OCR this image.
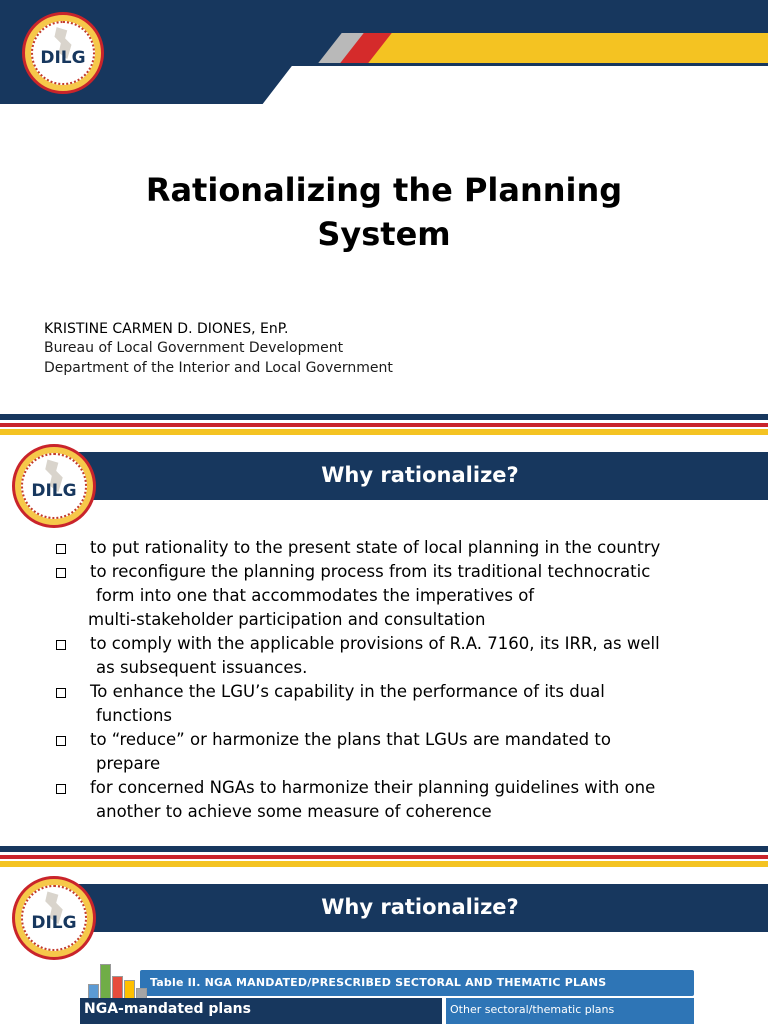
DILG
Rationalizing the Planning
System
KRISTINE CARMEN D. DIONES, EnP.
Bureau of Local Government Development
Department of the Interior and Local Government
Why rationalize?
DILG
to put rationality to the present state of local planning in the country
to reconfigure the planning process from its traditional technocratic
form into one that accommodates the imperatives of
multi-stakeholder participation and consultation
to comply with the applicable provisions of R.A. 7160, its IRR, as well
as subsequent issuances.
To enhance the LGU’s capability in the performance of its dual
functions
to “reduce” or harmonize the plans that LGUs are mandated to
prepare
for concerned NGAs to harmonize their planning guidelines with one
another to achieve some measure of coherence
Why rationalize?
DILG
Table II. NGA MANDATED/PRESCRIBED SECTORAL AND THEMATIC PLANS
NGA-mandated plans	Other sectoral/thematic plans
